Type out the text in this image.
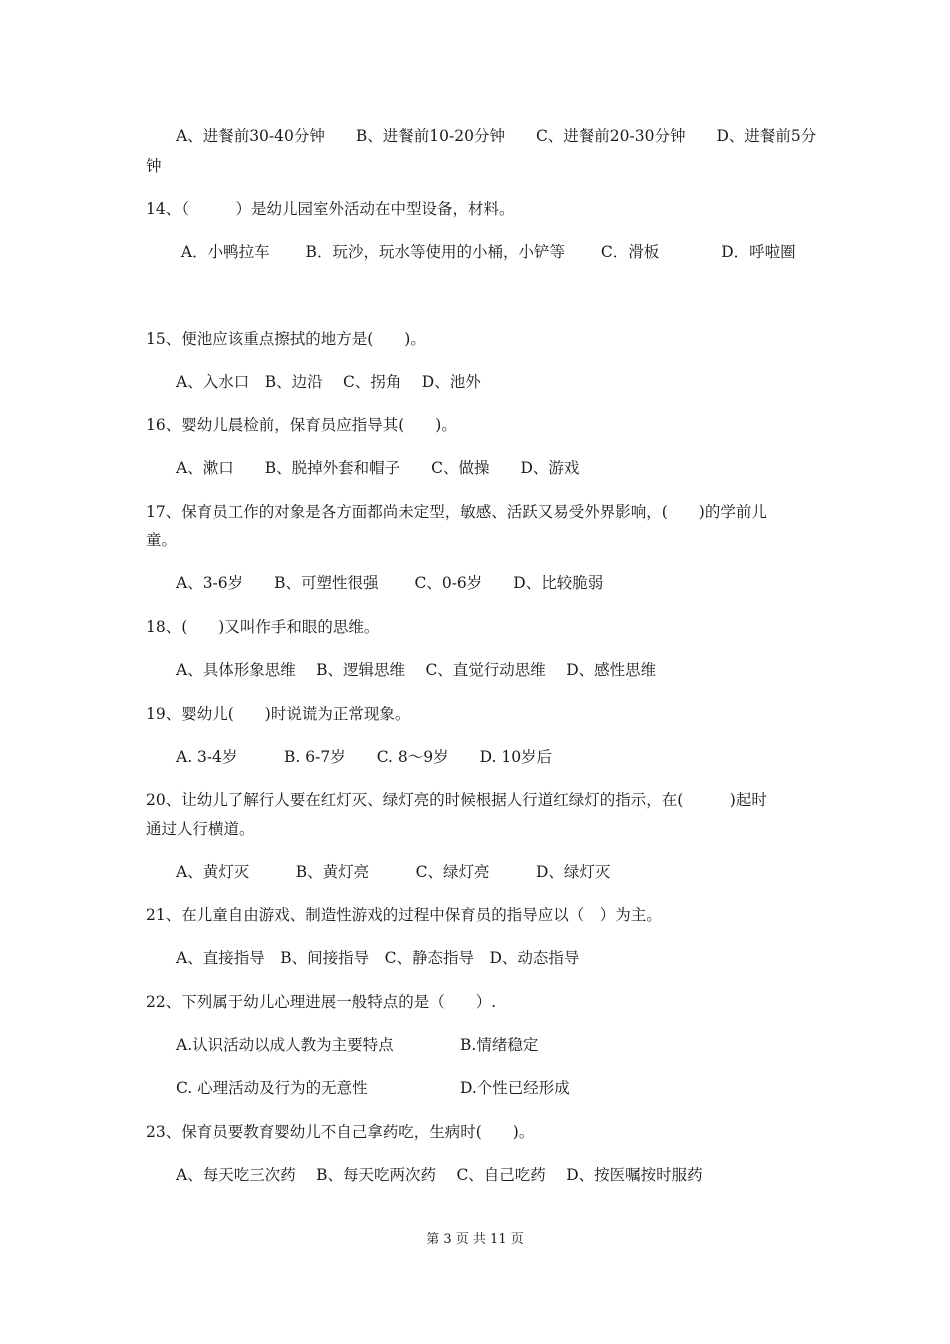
A、进餐前30-40分钟　　B、进餐前10-20分钟　　C、进餐前20-30分钟　　D、进餐前5分
钟
14、（　　　）是幼儿园室外活动在中型设备，材料。
A．小鸭拉车　　 B．玩沙，玩水等使用的小桶，小铲等　　 C．滑板　　　　D．呼啦圈
15、便池应该重点擦拭的地方是(　　)。
A、入水口　B、边沿　 C、拐角　 D、池外
16、婴幼儿晨检前，保育员应指导其(　　)。
A、漱口　　B、脱掉外套和帽子　　C、做操　　D、游戏
17、保育员工作的对象是各方面都尚未定型，敏感、活跃又易受外界影响，(　　)的学前儿
童。
A、3-6岁　　B、可塑性很强　　 C、0-6岁　　D、比较脆弱
18、(　　)又叫作手和眼的思维。
A、具体形象思维　 B、逻辑思维　 C、直觉行动思维　 D、感性思维
19、婴幼儿(　　)时说谎为正常现象。
A. 3-4岁　　　B. 6-7岁　　C. 8～9岁　　D. 10岁后
20、让幼儿了解行人要在红灯灭、绿灯亮的时候根据人行道红绿灯的指示，在(　　　)起时
通过人行横道。
A、黄灯灭　　　B、黄灯亮　　　C、绿灯亮　　　D、绿灯灭
21、在儿童自由游戏、制造性游戏的过程中保育员的指导应以（　）为主。
A、直接指导　B、间接指导　C、静态指导　D、动态指导
22、下列属于幼儿心理进展一般特点的是（　　）.
A.认识活动以成人教为主要特点	B.情绪稳定
C. 心理活动及行为的无意性	D.个性已经形成
23、保育员要教育婴幼儿不自己拿药吃，生病时(　　)。
A、每天吃三次药　 B、每天吃两次药　 C、自己吃药　 D、按医嘱按时服药
第 3 页 共 11 页
